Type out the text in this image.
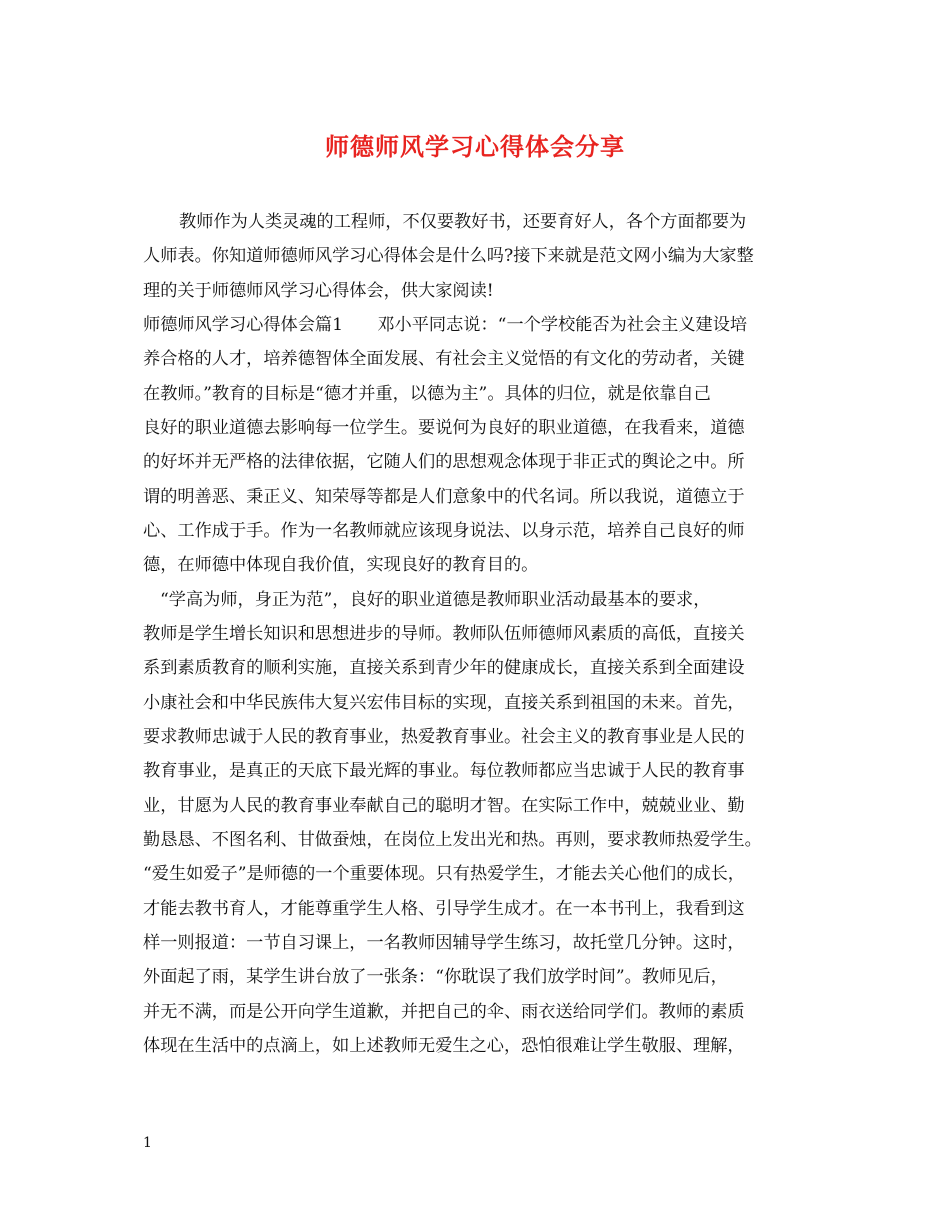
师德师风学习心得体会分享
教师作为人类灵魂的工程师，不仅要教好书，还要育好人，各个方面都要为
人师表。你知道师德师风学习心得体会是什么吗?接下来就是范文网小编为大家整
理的关于师德师风学习心得体会，供大家阅读!
师德师风学习心得体会篇1　　邓小平同志说：“一个学校能否为社会主义建设培
养合格的人才，培养德智体全面发展、有社会主义觉悟的有文化的劳动者，关键
在教师。”教育的目标是“德才并重，以德为主”。具体的归位，就是依靠自己
良好的职业道德去影响每一位学生。要说何为良好的职业道德，在我看来，道德
的好坏并无严格的法律依据，它随人们的思想观念体现于非正式的舆论之中。所
谓的明善恶、秉正义、知荣辱等都是人们意象中的代名词。所以我说，道德立于
心、工作成于手。作为一名教师就应该现身说法、以身示范，培养自己良好的师
德，在师德中体现自我价值，实现良好的教育目的。
“学高为师，身正为范”，良好的职业道德是教师职业活动最基本的要求，
教师是学生增长知识和思想进步的导师。教师队伍师德师风素质的高低，直接关
系到素质教育的顺利实施，直接关系到青少年的健康成长，直接关系到全面建设
小康社会和中华民族伟大复兴宏伟目标的实现，直接关系到祖国的未来。首先，
要求教师忠诚于人民的教育事业，热爱教育事业。社会主义的教育事业是人民的
教育事业，是真正的天底下最光辉的事业。每位教师都应当忠诚于人民的教育事
业，甘愿为人民的教育事业奉献自己的聪明才智。在实际工作中，兢兢业业、勤
勤恳恳、不图名利、甘做蚕烛，在岗位上发出光和热。再则，要求教师热爱学生。
“爱生如爱子”是师德的一个重要体现。只有热爱学生，才能去关心他们的成长，
才能去教书育人，才能尊重学生人格、引导学生成才。在一本书刊上，我看到这
样一则报道：一节自习课上，一名教师因辅导学生练习，故托堂几分钟。这时，
外面起了雨，某学生讲台放了一张条：“你耽误了我们放学时间”。教师见后，
并无不满，而是公开向学生道歉，并把自己的伞、雨衣送给同学们。教师的素质
体现在生活中的点滴上，如上述教师无爱生之心，恐怕很难让学生敬服、理解，
1
